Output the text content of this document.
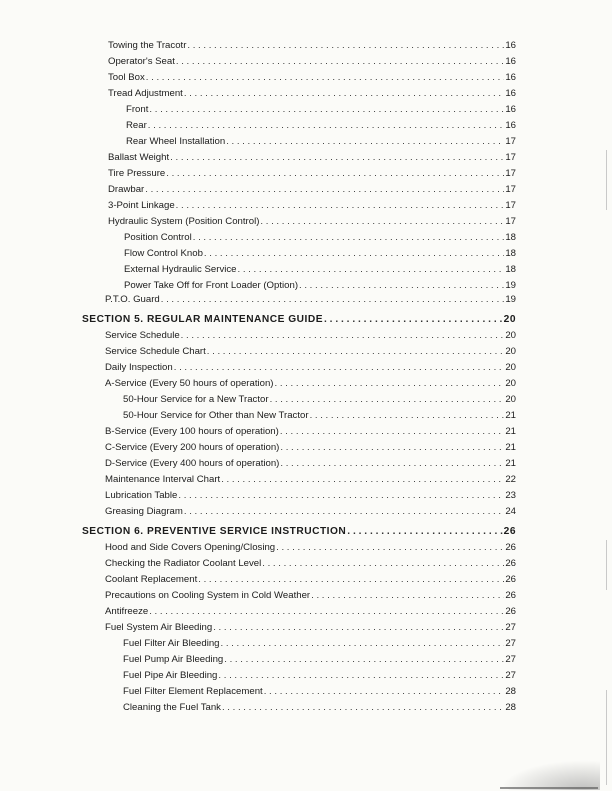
Towing the Tracotr . . .	16
Operator's Seat . . .	16
Tool Box . . .	16
Tread Adjustment . . .	16
Front . . .	16
Rear . . .	16
Rear Wheel Installation . . .	17
Ballast Weight . . .	17
Tire Pressure . . .	17
Drawbar . . .	17
3-Point Linkage . . .	17
Hydraulic System (Position Control) . . .	17
Position Control . . .	18
Flow Control Knob . . .	18
External Hydraulic Service . . .	18
Power Take Off for Front Loader (Option) . . .	19
P.T.O. Guard . . .	19
SECTION 5. REGULAR MAINTENANCE GUIDE . . .	20
Service Schedule . . .	20
Service Schedule Chart . . .	20
Daily Inspection . . .	20
A-Service (Every 50 hours of operation) . . .	20
50-Hour Service for a New Tractor . . .	20
50-Hour Service for Other than New Tractor . . .	21
B-Service (Every 100 hours of operation) . . .	21
C-Service (Every 200 hours of operation) . . .	21
D-Service (Every 400 hours of operation) . . .	21
Maintenance Interval Chart . . .	22
Lubrication Table . . .	23
Greasing Diagram . . .	24
SECTION 6. PREVENTIVE SERVICE INSTRUCTION . . .	26
Hood and Side Covers Opening/Closing . . .	26
Checking the Radiator Coolant Level . . .	26
Coolant Replacement . . .	26
Precautions on Cooling System in Cold Weather . . .	26
Antifreeze . . .	26
Fuel System Air Bleeding . . .	27
Fuel Filter Air Bleeding . . .	27
Fuel Pump Air Bleeding . . .	27
Fuel Pipe Air Bleeding . . .	27
Fuel Filter Element Replacement . . .	28
Cleaning the Fuel Tank . . .	28
